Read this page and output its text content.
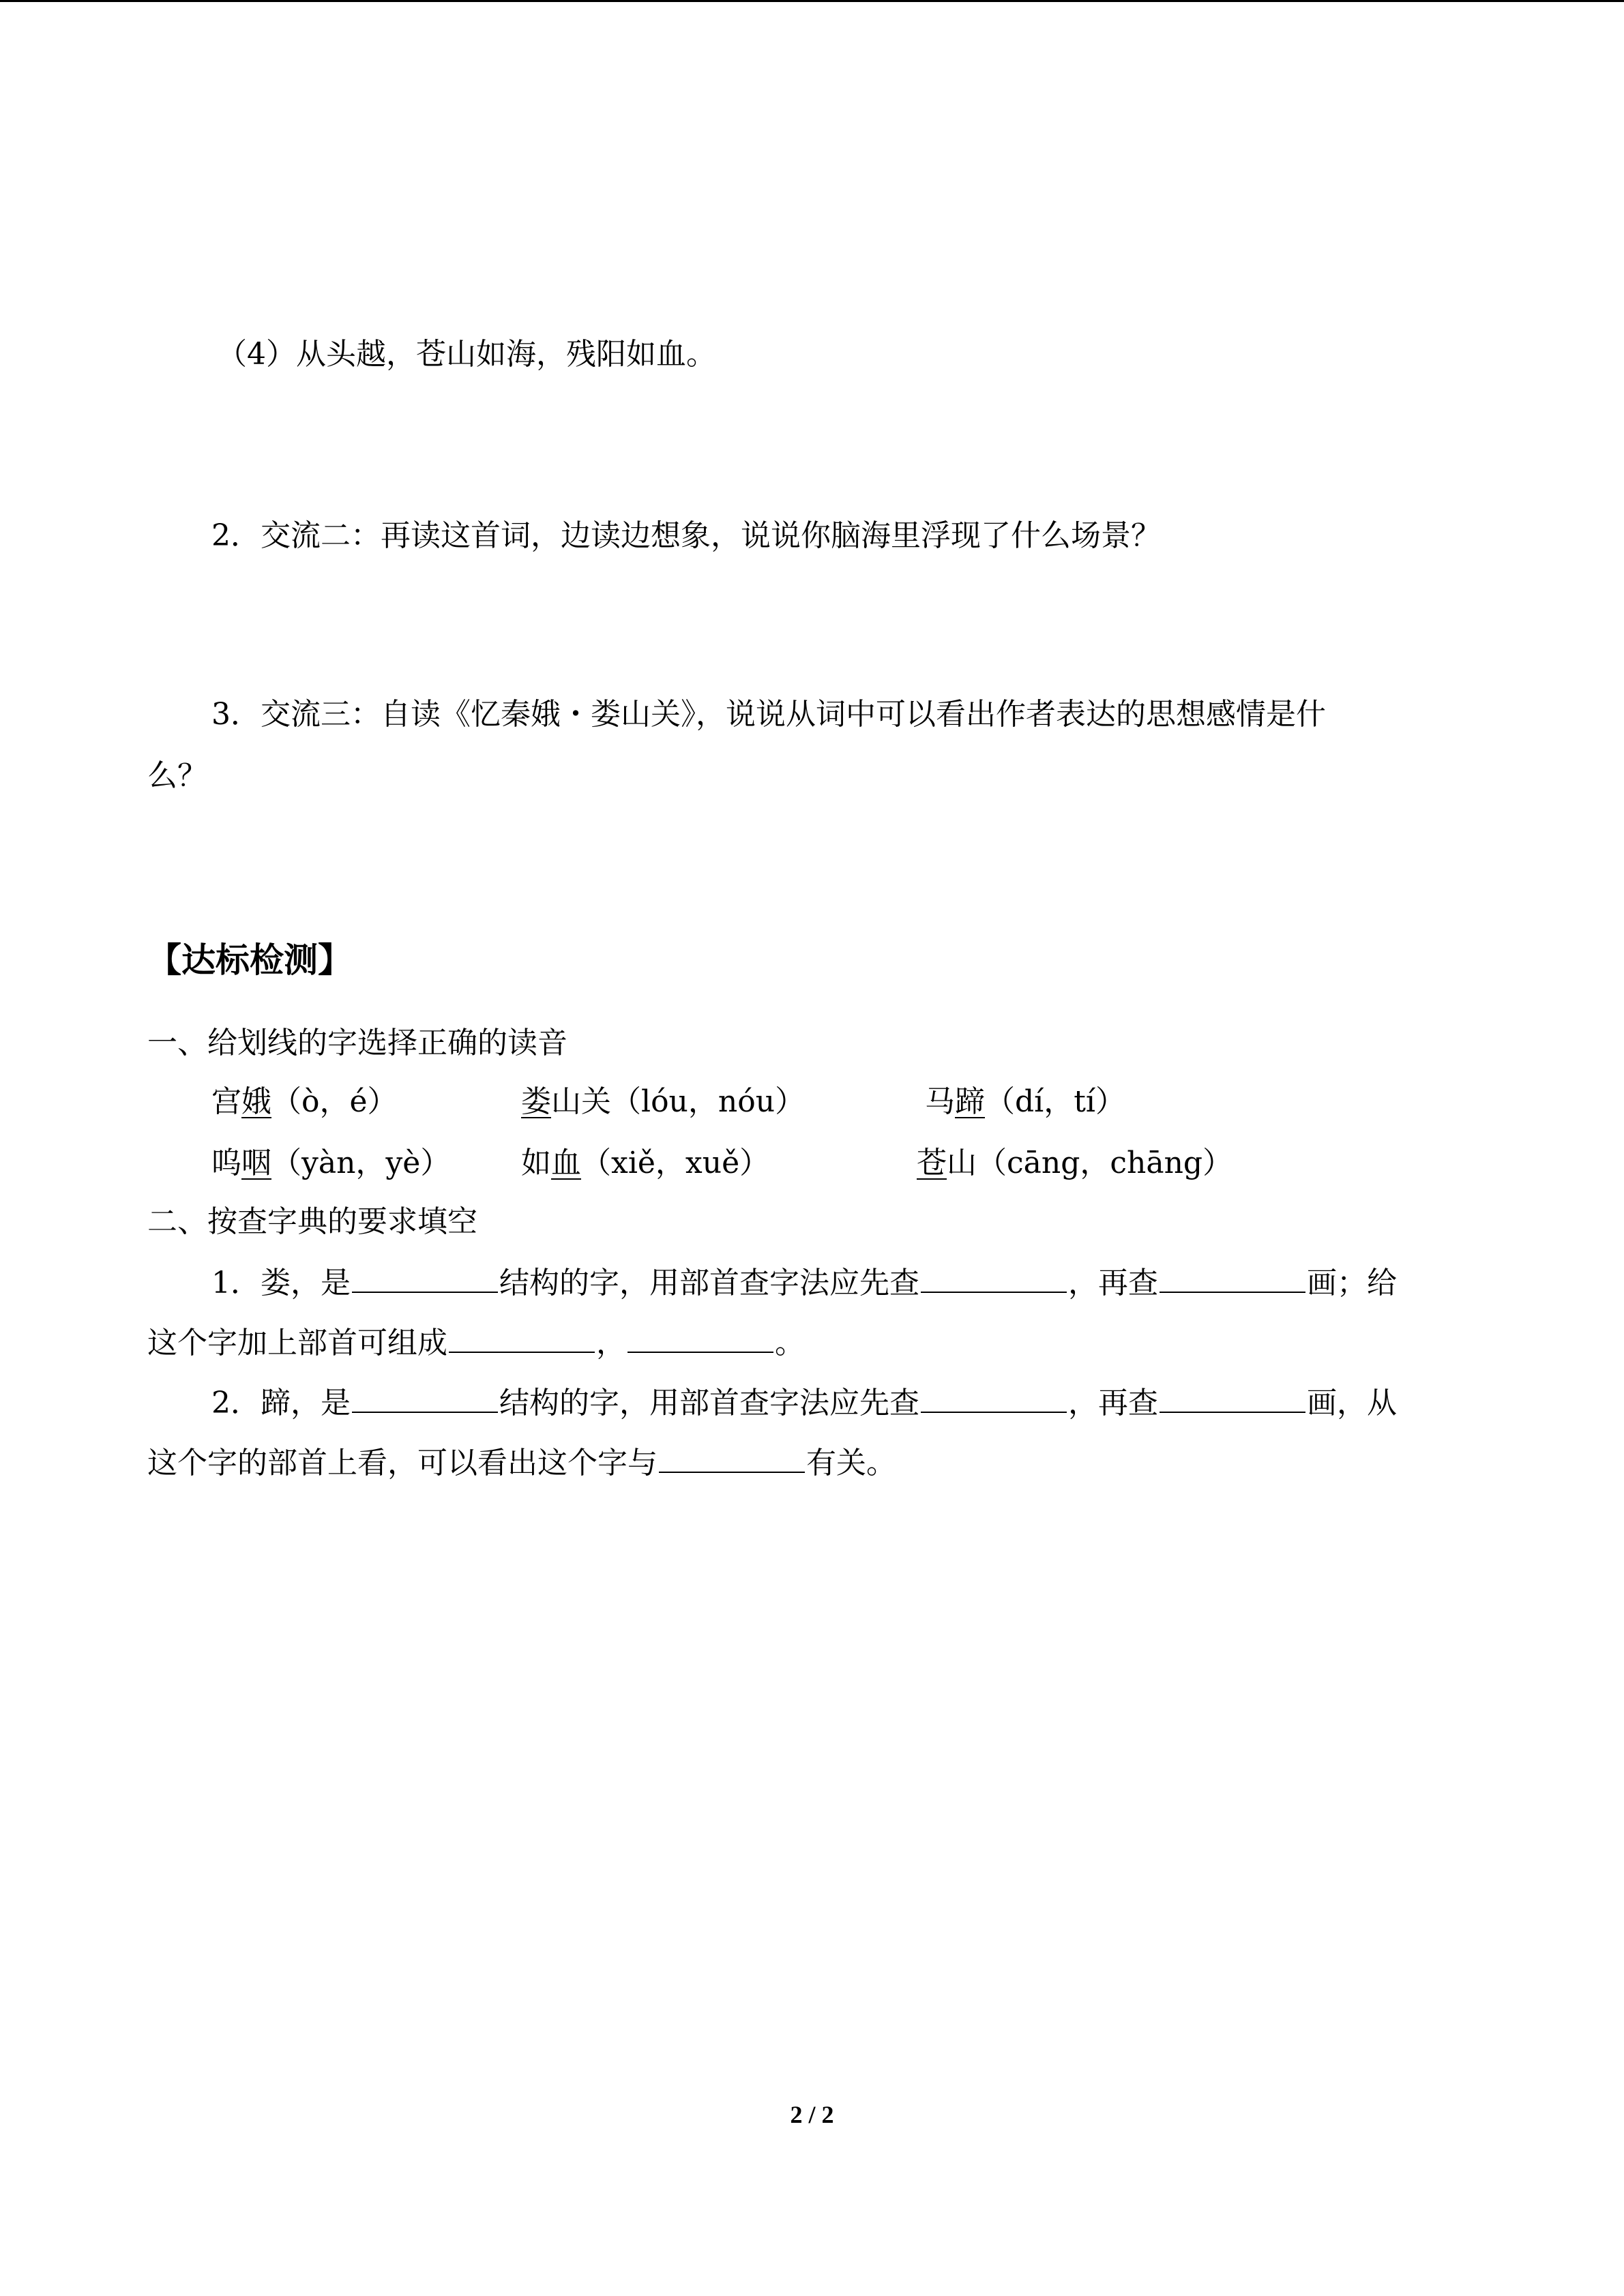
（4）从头越，苍山如海，残阳如血。

2．交流二：再读这首词，边读边想象，说说你脑海里浮现了什么场景？

3．交流三：自读《忆秦娥・娄山关》，说说从词中可以看出作者表达的思想感情是什

么？

【达标检测】

一、给划线的字选择正确的读音

宫娥（ò，é）	娄山关（lóu，nóu）	马蹄（dí，tí）
呜咽（yàn，yè） 如血（xiě，xuě）	苍山（cāng，chāng）

二、按查字典的要求填空

1．娄，是	结构的字，用部首查字法应先查	，再查	画；给
这个字加上部首可组成	，	。
2．蹄，是	结构的字，用部首查字法应先查	，再查	画，从
这个字的部首上看，可以看出这个字与	有关。
2 / 2
